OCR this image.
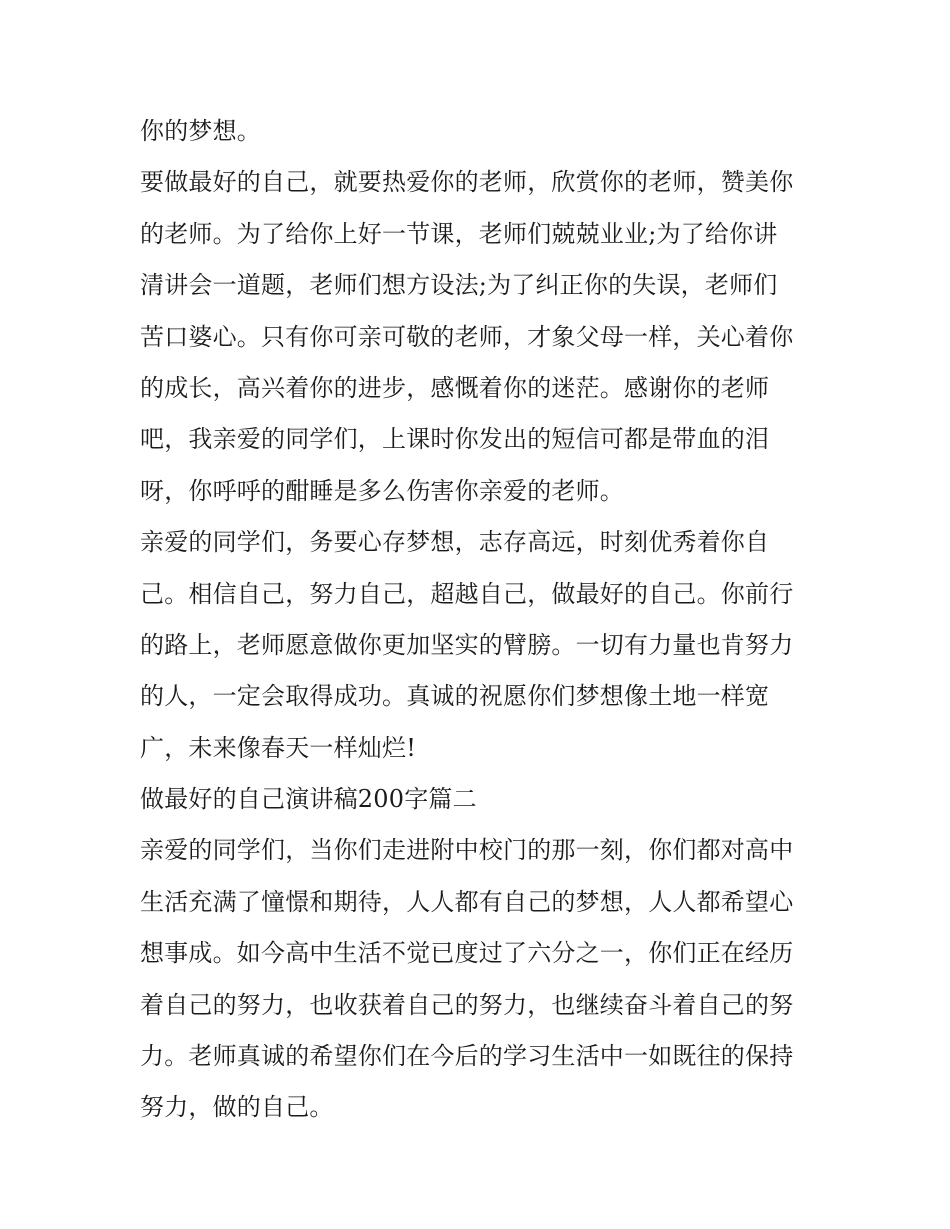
你的梦想。
要做最好的自己，就要热爱你的老师，欣赏你的老师，赞美你
的老师。为了给你上好一节课，老师们兢兢业业;为了给你讲
清讲会一道题，老师们想方设法;为了纠正你的失误，老师们
苦口婆心。只有你可亲可敬的老师，才象父母一样，关心着你
的成长，高兴着你的进步，感慨着你的迷茫。感谢你的老师
吧，我亲爱的同学们，上课时你发出的短信可都是带血的泪
呀，你呼呼的酣睡是多么伤害你亲爱的老师。
亲爱的同学们，务要心存梦想，志存高远，时刻优秀着你自
己。相信自己，努力自己，超越自己，做最好的自己。你前行
的路上，老师愿意做你更加坚实的臂膀。一切有力量也肯努力
的人，一定会取得成功。真诚的祝愿你们梦想像土地一样宽
广，未来像春天一样灿烂!
做最好的自己演讲稿200字篇二
亲爱的同学们，当你们走进附中校门的那一刻，你们都对高中
生活充满了憧憬和期待，人人都有自己的梦想，人人都希望心
想事成。如今高中生活不觉已度过了六分之一，你们正在经历
着自己的努力，也收获着自己的努力，也继续奋斗着自己的努
力。老师真诚的希望你们在今后的学习生活中一如既往的保持
努力，做的自己。
